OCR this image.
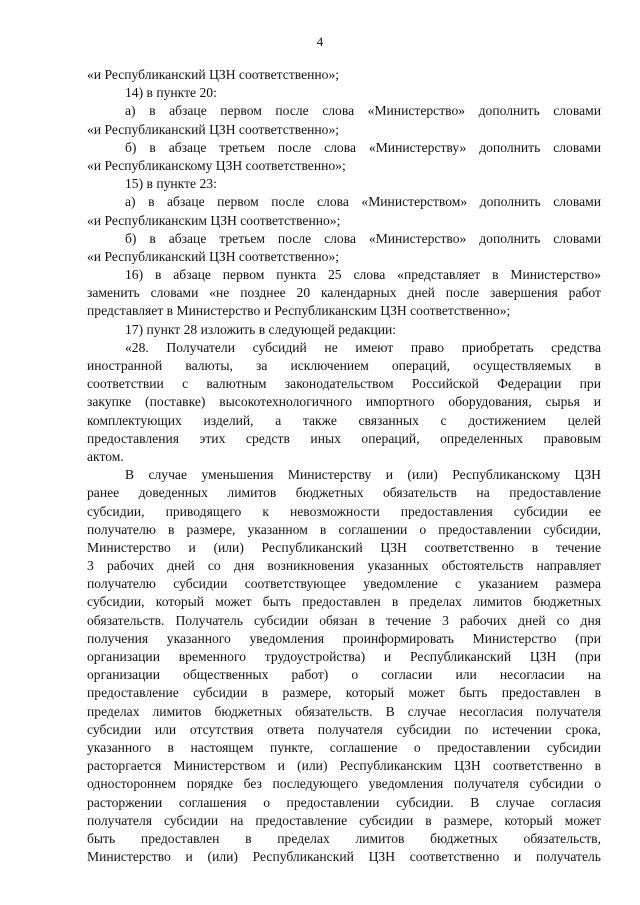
4
«и Республиканский ЦЗН соответственно»;
14) в пункте 20:
а) в абзаце первом после слова «Министерство» дополнить словами
«и Республиканский ЦЗН соответственно»;
б) в абзаце третьем после слова «Министерству» дополнить словами
«и Республиканскому ЦЗН соответственно»;
15) в пункте 23:
а) в абзаце первом после слова «Министерством» дополнить словами
«и Республиканским ЦЗН соответственно»;
б) в абзаце третьем после слова «Министерство» дополнить словами
«и Республиканский ЦЗН соответственно»;
16) в абзаце первом пункта 25 слова «представляет в Министерство»
заменить словами «не позднее 20 календарных дней после завершения работ
представляет в Министерство и Республиканским ЦЗН соответственно»;
17) пункт 28 изложить в следующей редакции:
«28. Получатели субсидий не имеют право приобретать средства
иностранной валюты, за исключением операций, осуществляемых в
соответствии с валютным законодательством Российской Федерации при
закупке (поставке) высокотехнологичного импортного оборудования, сырья и
комплектующих изделий, а также связанных с достижением целей
предоставления этих средств иных операций, определенных правовым
актом.
В случае уменьшения Министерству и (или) Республиканскому ЦЗН
ранее доведенных лимитов бюджетных обязательств на предоставление
субсидии, приводящего к невозможности предоставления субсидии ее
получателю в размере, указанном в соглашении о предоставлении субсидии,
Министерство и (или) Республиканский ЦЗН соответственно в течение
3 рабочих дней со дня возникновения указанных обстоятельств направляет
получателю субсидии соответствующее уведомление с указанием размера
субсидии, который может быть предоставлен в пределах лимитов бюджетных
обязательств. Получатель субсидии обязан в течение 3 рабочих дней со дня
получения указанного уведомления проинформировать Министерство (при
организации временного трудоустройства) и Республиканский ЦЗН (при
организации общественных работ) о согласии или несогласии на
предоставление субсидии в размере, который может быть предоставлен в
пределах лимитов бюджетных обязательств. В случае несогласия получателя
субсидии или отсутствия ответа получателя субсидии по истечении срока,
указанного в настоящем пункте, соглашение о предоставлении субсидии
расторгается Министерством и (или) Республиканским ЦЗН соответственно в
одностороннем порядке без последующего уведомления получателя субсидии о
расторжении соглашения о предоставлении субсидии. В случае согласия
получателя субсидии на предоставление субсидии в размере, который может
быть предоставлен в пределах лимитов бюджетных обязательств,
Министерство и (или) Республиканский ЦЗН соответственно и получатель
